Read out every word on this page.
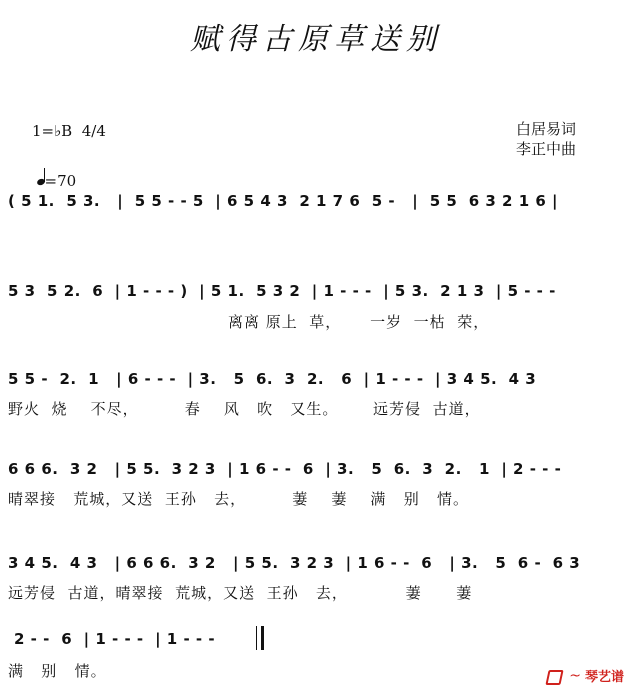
赋得古原草送别
1=♭B  4/4

=70

白居易词
李正中曲
( 5 1.  5 3.   |  5 5 - - 5  | 6 5 4 3  2 1 7 6  5 -   |  5 5  6 3 2 1 6 |
5 3  5 2.  6  | 1 - - - )  | 5 1.  5 3 2  | 1 - - -  | 5 3.  2 1 3  | 5 - - -
离离 原上  草，     一岁  一枯  荣，
5 5 -  2.  1   | 6 - - -  | 3.   5  6.  3  2.   6  | 1 - - -  | 3 4 5.  4 3
野火  烧    不尽，        春    风   吹   又生。      远芳侵  古道，
6 6 6.  3 2   | 5 5.  3 2 3  | 1 6 - -  6  | 3.   5  6.  3  2.   1  | 2 - - -
晴翠接   荒城，又送  王孙   去，        萋    萋    满   别   情。
3 4 5.  4 3   | 6 6 6.  3 2   | 5 5.  3 2 3  | 1 6 - -  6   | 3.   5  6 -  6 3
远芳侵  古道，晴翠接  荒城，又送  王孙   去，          萋      萋
2 - -  6  | 1 - - -  | 1 - - -
满   别   情。	~ 琴艺谱
